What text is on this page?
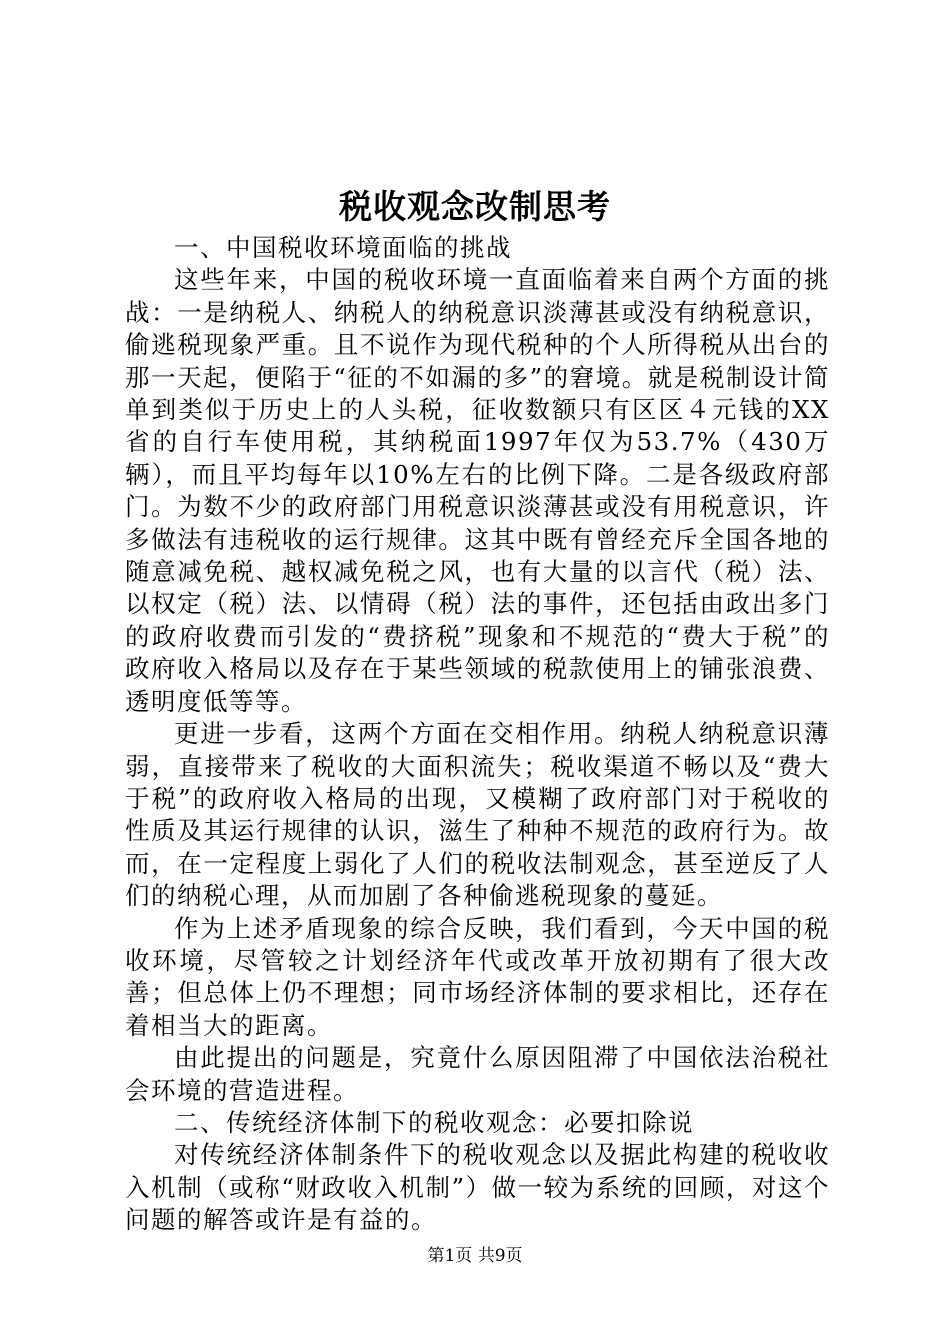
税收观念改制思考

一、中国税收环境面临的挑战

这些年来，中国的税收环境一直面临着来自两个方面的挑战：一是纳税人、纳税人的纳税意识淡薄甚或没有纳税意识，偷逃税现象严重。且不说作为现代税种的个人所得税从出台的那一天起，便陷于“征的不如漏的多”的窘境。就是税制设计简单到类似于历史上的人头税，征收数额只有区区４元钱的XX省的自行车使用税，其纳税面1997年仅为53.7%（430万辆），而且平均每年以10%左右的比例下降。二是各级政府部门。为数不少的政府部门用税意识淡薄甚或没有用税意识，许多做法有违税收的运行规律。这其中既有曾经充斥全国各地的随意减免税、越权减免税之风，也有大量的以言代（税）法、以权定（税）法、以情碍（税）法的事件，还包括由政出多门的政府收费而引发的“费挤税”现象和不规范的“费大于税”的政府收入格局以及存在于某些领域的税款使用上的铺张浪费、透明度低等等。

更进一步看，这两个方面在交相作用。纳税人纳税意识薄弱，直接带来了税收的大面积流失；税收渠道不畅以及“费大于税”的政府收入格局的出现，又模糊了政府部门对于税收的性质及其运行规律的认识，滋生了种种不规范的政府行为。故而，在一定程度上弱化了人们的税收法制观念，甚至逆反了人们的纳税心理，从而加剧了各种偷逃税现象的蔓延。

作为上述矛盾现象的综合反映，我们看到，今天中国的税收环境，尽管较之计划经济年代或改革开放初期有了很大改善；但总体上仍不理想；同市场经济体制的要求相比，还存在着相当大的距离。

由此提出的问题是，究竟什么原因阻滞了中国依法治税社会环境的营造进程。

二、传统经济体制下的税收观念：必要扣除说

对传统经济体制条件下的税收观念以及据此构建的税收收入机制（或称“财政收入机制”）做一较为系统的回顾，对这个问题的解答或许是有益的。

第1页 共9页
